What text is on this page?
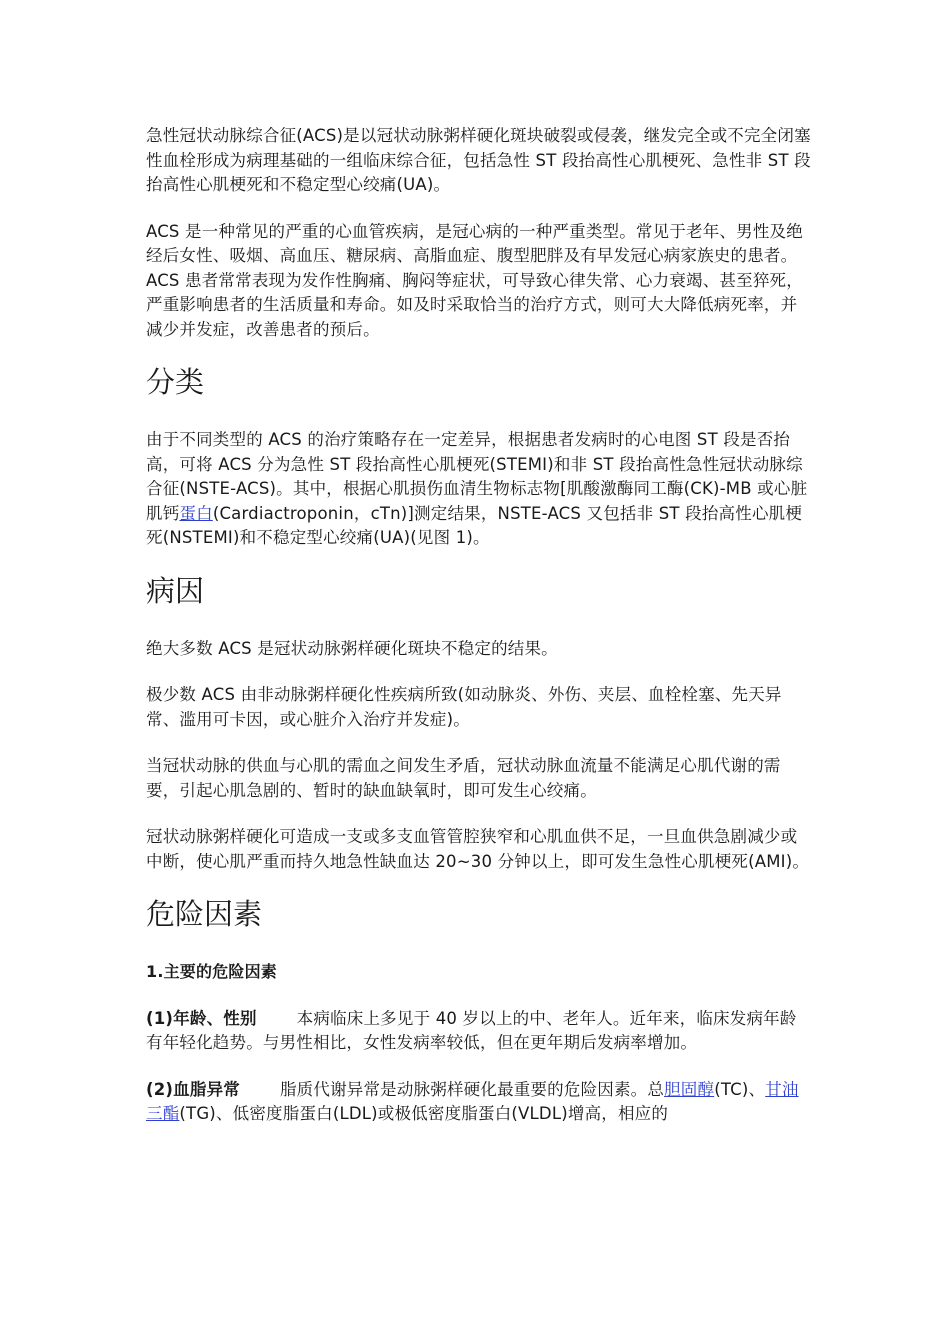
急性冠状动脉综合征(ACS)是以冠状动脉粥样硬化斑块破裂或侵袭，继发完全或不完全闭塞性血栓形成为病理基础的一组临床综合征，包括急性 ST 段抬高性心肌梗死、急性非 ST 段抬高性心肌梗死和不稳定型心绞痛(UA)。

ACS 是一种常见的严重的心血管疾病，是冠心病的一种严重类型。常见于老年、男性及绝经后女性、吸烟、高血压、糖尿病、高脂血症、腹型肥胖及有早发冠心病家族史的患者。ACS 患者常常表现为发作性胸痛、胸闷等症状，可导致心律失常、心力衰竭、甚至猝死，严重影响患者的生活质量和寿命。如及时采取恰当的治疗方式，则可大大降低病死率，并减少并发症，改善患者的预后。

分类

由于不同类型的 ACS 的治疗策略存在一定差异，根据患者发病时的心电图 ST 段是否抬高，可将 ACS 分为急性 ST 段抬高性心肌梗死(STEMI)和非 ST 段抬高性急性冠状动脉综合征(NSTE-ACS)。其中，根据心肌损伤血清生物标志物[肌酸激酶同工酶(CK)-MB 或心脏肌钙蛋白(Cardiactroponin，cTn)]测定结果，NSTE-ACS 又包括非 ST 段抬高性心肌梗死(NSTEMI)和不稳定型心绞痛(UA)(见图 1)。

病因

绝大多数 ACS 是冠状动脉粥样硬化斑块不稳定的结果。

极少数 ACS 由非动脉粥样硬化性疾病所致(如动脉炎、外伤、夹层、血栓栓塞、先天异常、滥用可卡因，或心脏介入治疗并发症)。

当冠状动脉的供血与心肌的需血之间发生矛盾，冠状动脉血流量不能满足心肌代谢的需要，引起心肌急剧的、暂时的缺血缺氧时，即可发生心绞痛。

冠状动脉粥样硬化可造成一支或多支血管管腔狭窄和心肌血供不足，一旦血供急剧减少或中断，使心肌严重而持久地急性缺血达 20~30 分钟以上，即可发生急性心肌梗死(AMI)。

危险因素

1.主要的危险因素

(1)年龄、性别 本病临床上多见于 40 岁以上的中、老年人。近年来，临床发病年龄有年轻化趋势。与男性相比，女性发病率较低，但在更年期后发病率增加。

(2)血脂异常 脂质代谢异常是动脉粥样硬化最重要的危险因素。总胆固醇(TC)、甘油三酯(TG)、低密度脂蛋白(LDL)或极低密度脂蛋白(VLDL)增高，相应的
